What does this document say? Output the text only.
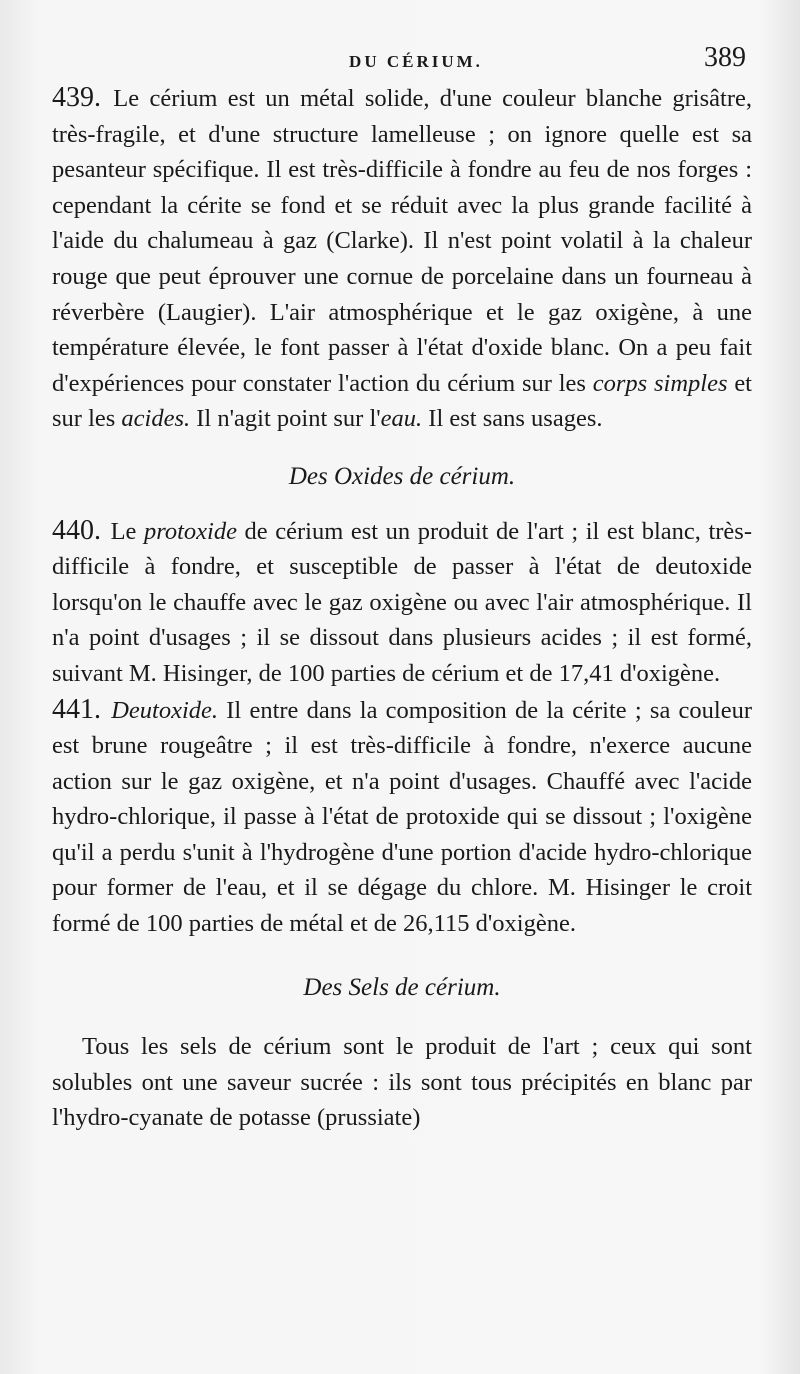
DU CÉRIUM.	389

439. Le cérium est un métal solide, d'une couleur blanche grisâtre, très-fragile, et d'une structure lamelleuse ; on ignore quelle est sa pesanteur spécifique. Il est très-difficile à fondre au feu de nos forges : cependant la cérite se fond et se réduit avec la plus grande facilité à l'aide du chalumeau à gaz (Clarke). Il n'est point volatil à la chaleur rouge que peut éprouver une cornue de porcelaine dans un fourneau à réverbère (Laugier). L'air atmosphérique et le gaz oxigène, à une température élevée, le font passer à l'état d'oxide blanc. On a peu fait d'expériences pour constater l'action du cérium sur les corps simples et sur les acides. Il n'agit point sur l'eau. Il est sans usages.

Des Oxides de cérium.

440. Le protoxide de cérium est un produit de l'art ; il est blanc, très-difficile à fondre, et susceptible de passer à l'état de deutoxide lorsqu'on le chauffe avec le gaz oxigène ou avec l'air atmosphérique. Il n'a point d'usages ; il se dissout dans plusieurs acides ; il est formé, suivant M. Hisinger, de 100 parties de cérium et de 17,41 d'oxigène.

441. Deutoxide. Il entre dans la composition de la cérite ; sa couleur est brune rougeâtre ; il est très-difficile à fondre, n'exerce aucune action sur le gaz oxigène, et n'a point d'usages. Chauffé avec l'acide hydro-chlorique, il passe à l'état de protoxide qui se dissout ; l'oxigène qu'il a perdu s'unit à l'hydrogène d'une portion d'acide hydro-chlorique pour former de l'eau, et il se dégage du chlore. M. Hisinger le croit formé de 100 parties de métal et de 26,115 d'oxigène.

Des Sels de cérium.

Tous les sels de cérium sont le produit de l'art ; ceux qui sont solubles ont une saveur sucrée : ils sont tous précipités en blanc par l'hydro-cyanate de potasse (prussiate)
